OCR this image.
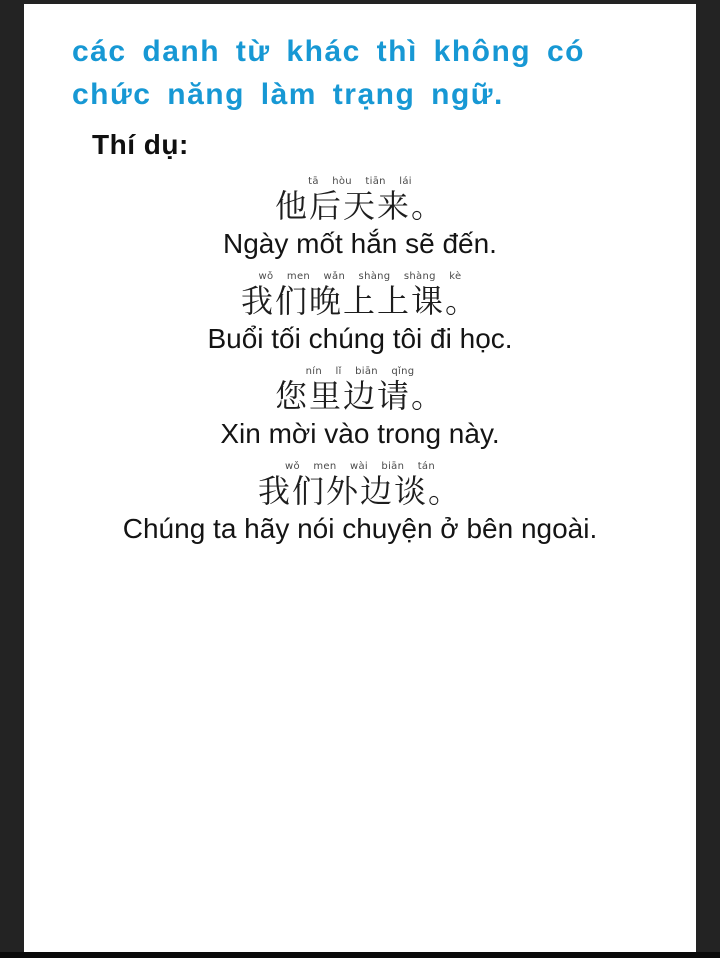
các danh từ khác thì không có
chức năng làm trạng ngữ.
Thí dụ:
tā hòu tiān lái
他后天来。
Ngày mốt hắn sẽ đến.
wǒ men wǎn shàng shàng kè
我们晚上上课。
Buổi tối chúng tôi đi học.
nín lǐ biān qǐng
您里边请。
Xin mời vào trong này.
wǒ men wài biān tán
我们外边谈。
Chúng ta hãy nói chuyện ở bên ngoài.
